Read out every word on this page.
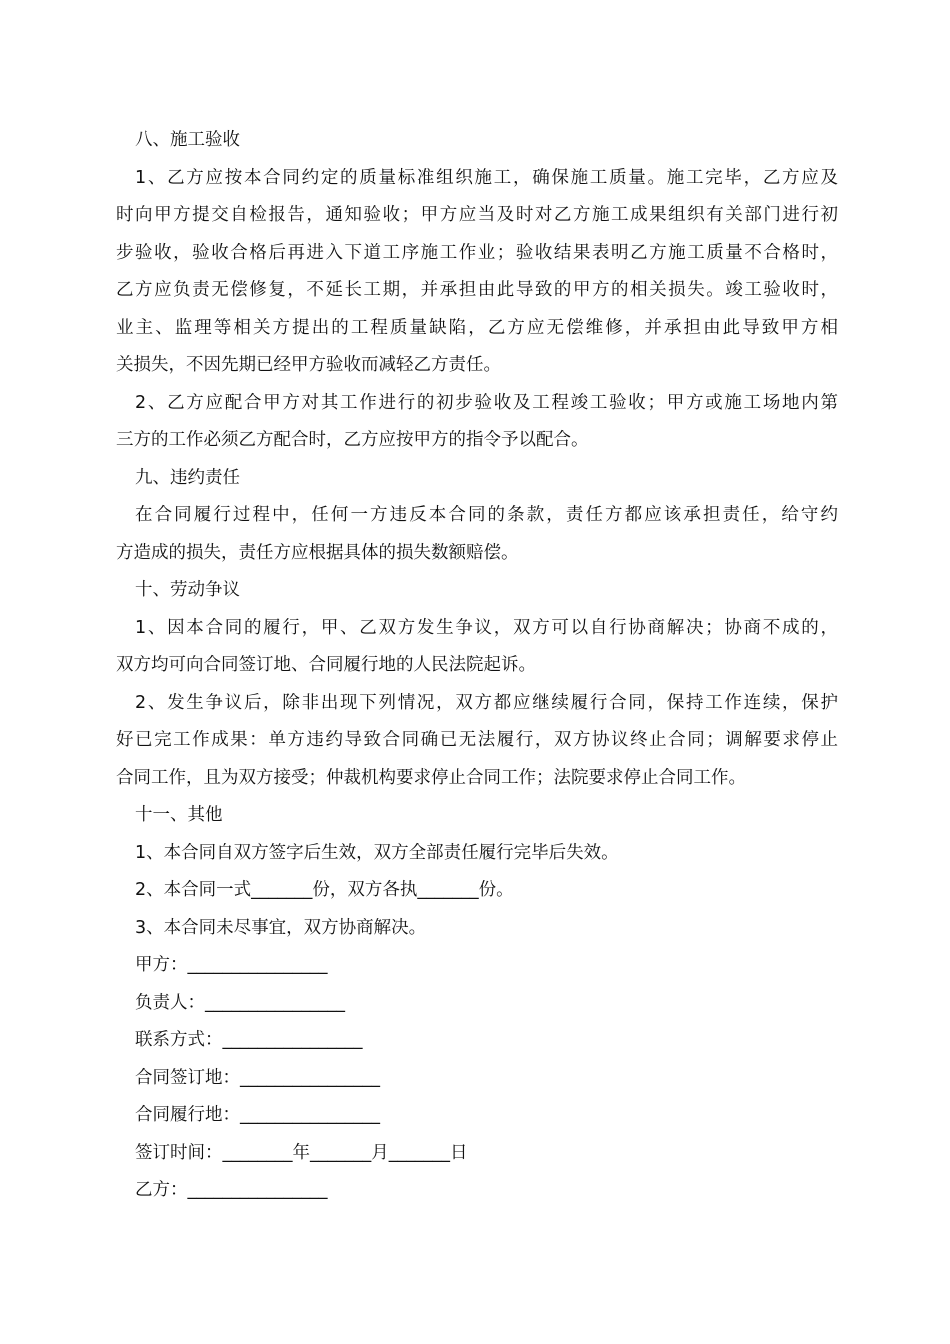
八、施工验收
1、乙方应按本合同约定的质量标准组织施工，确保施工质量。施工完毕，乙方应及
时向甲方提交自检报告，通知验收；甲方应当及时对乙方施工成果组织有关部门进行初
步验收，验收合格后再进入下道工序施工作业；验收结果表明乙方施工质量不合格时，
乙方应负责无偿修复，不延长工期，并承担由此导致的甲方的相关损失。竣工验收时，
业主、监理等相关方提出的工程质量缺陷，乙方应无偿维修，并承担由此导致甲方相
关损失，不因先期已经甲方验收而减轻乙方责任。
2、乙方应配合甲方对其工作进行的初步验收及工程竣工验收；甲方或施工场地内第
三方的工作必须乙方配合时，乙方应按甲方的指令予以配合。
九、违约责任
在合同履行过程中，任何一方违反本合同的条款，责任方都应该承担责任，给守约
方造成的损失，责任方应根据具体的损失数额赔偿。
十、劳动争议
1、因本合同的履行，甲、乙双方发生争议，双方可以自行协商解决；协商不成的，
双方均可向合同签订地、合同履行地的人民法院起诉。
2、发生争议后，除非出现下列情况，双方都应继续履行合同，保持工作连续，保护
好已完工作成果：单方违约导致合同确已无法履行，双方协议终止合同；调解要求停止
合同工作，且为双方接受；仲裁机构要求停止合同工作；法院要求停止合同工作。
十一、其他
1、本合同自双方签字后生效，双方全部责任履行完毕后失效。
2、本合同一式_______份，双方各执_______份。
3、本合同未尽事宜，双方协商解决。
甲方：________________
负责人：________________
联系方式：________________
合同签订地：________________
合同履行地：________________
签订时间：________年_______月_______日
乙方：________________
